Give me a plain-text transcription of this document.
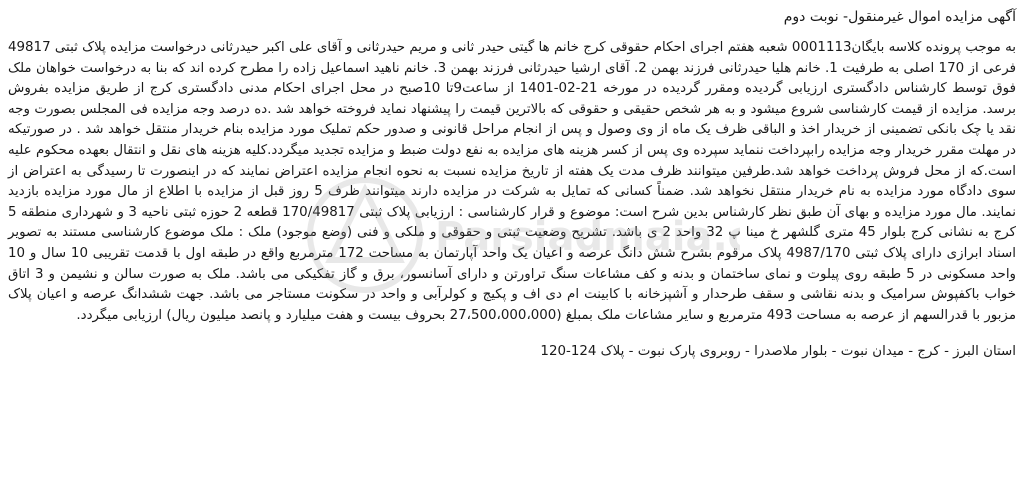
آگهی مزایده اموال غیرمنقول- نوبت دوم

به موجب پرونده کلاسه بایگان0001113 شعبه هفتم اجرای احکام حقوقی کرج خانم ها گیتی حیدر ثانی و مریم حیدرثانی و آقای علی اکبر حیدرثانی درخواست مزایده پلاک ثبتی 49817 فرعی از 170 اصلی به طرفیت 1. خانم هلیا حیدرثانی فرزند بهمن 2. آقای ارشیا حیدرثانی فرزند بهمن 3. خانم ناهید اسماعیل زاده را مطرح کرده اند که بنا به درخواست خواهان ملک فوق توسط کارشناس دادگستری ارزیابی گردیده ومقرر گردیده در مورخه 21-02-1401 از ساعت9تا 10صبح در محل اجرای احکام مدنی دادگستری کرج از طریق مزایده بفروش برسد. مزایده از قیمت کارشناسی شروع میشود و به هر شخص حقیقی و حقوقی که بالاترین قیمت را پیشنهاد نماید فروخته خواهد شد .ده درصد وجه مزایده فی المجلس بصورت وجه نقد یا چک بانکی تضمینی از خریدار اخذ و الباقی ظرف یک ماه از وی وصول و پس از انجام مراحل قانونی و صدور حکم تملیک مورد مزایده بنام خریدار منتقل خواهد شد . در صورتیکه در مهلت مقرر خریدار وجه مزایده رابپرداخت ننماید سپرده وی پس از کسر هزینه های مزایده به نفع دولت ضبط و مزایده تجدید میگردد.کلیه هزینه های نقل و انتقال بعهده محکوم علیه است.که از محل فروش پرداخت خواهد شد.طرفین میتوانند ظرف مدت یک هفته از تاریخ مزایده نسبت به نحوه انجام مزایده اعتراض نمایند که در اینصورت تا رسیدگی به اعتراض از سوی دادگاه مورد مزایده به نام خریدار منتقل نخواهد شد. ضمناً کسانی که تمایل به شرکت در مزایده دارند میتوانند ظرف 5 روز قبل از مزایده با اطلاع از مال مورد مزایده بازدید نمایند. مال مورد مزایده و بهای آن طبق نظر کارشناس بدین شرح است: موضوع و قرار کارشناسی : ارزیابی پلاک ثبتی 170/49817 قطعه 2 حوزه ثبتی ناحیه 3 و شهرداری منطقه 5 کرج به نشانی کرج بلوار 45 متری گلشهر خ مینا پ 32 واحد 2 ی باشد. تشریح وضعیت ثبتی و حقوقی و ملکی و فنی (وضع موجود) ملک : ملک موضوع کارشناسی مستند به تصویر اسناد ابرازی دارای پلاک ثبتی 4987/170 پلاک مرقوم بشرح شش دانگ عرصه و اعیان یک واحد آپارتمان به مساحت 172 مترمربع واقع در طبقه اول با قدمت تقریبی 10 سال و 10 واحد مسکونی در 5 طبقه روی پیلوت و نمای ساختمان و بدنه و کف مشاعات سنگ تراورتن و دارای آسانسور، برق و گاز تفکیکی می باشد. ملک به صورت سالن و نشیمن و 3 اتاق خواب باکفپوش سرامیک و بدنه نقاشی و سقف طرحدار و آشپزخانه با کابینت ام دی اف و پکیج و کولرآبی و واحد در سکونت مستاجر می باشد. جهت ششدانگ عرصه و اعیان پلاک مزبور با قدرالسهم از عرصه به مساحت 493 مترمربع و سایر مشاعات ملک بمبلغ (27،500،000،000 بحروف بیست و هفت میلیارد و پانصد میلیون ریال) ارزیابی میگردد.

استان البرز - کرج - میدان نبوت - بلوار ملاصدرا - روبروی پارک نبوت - پلاک 124-120
Parsiadmaia.c
